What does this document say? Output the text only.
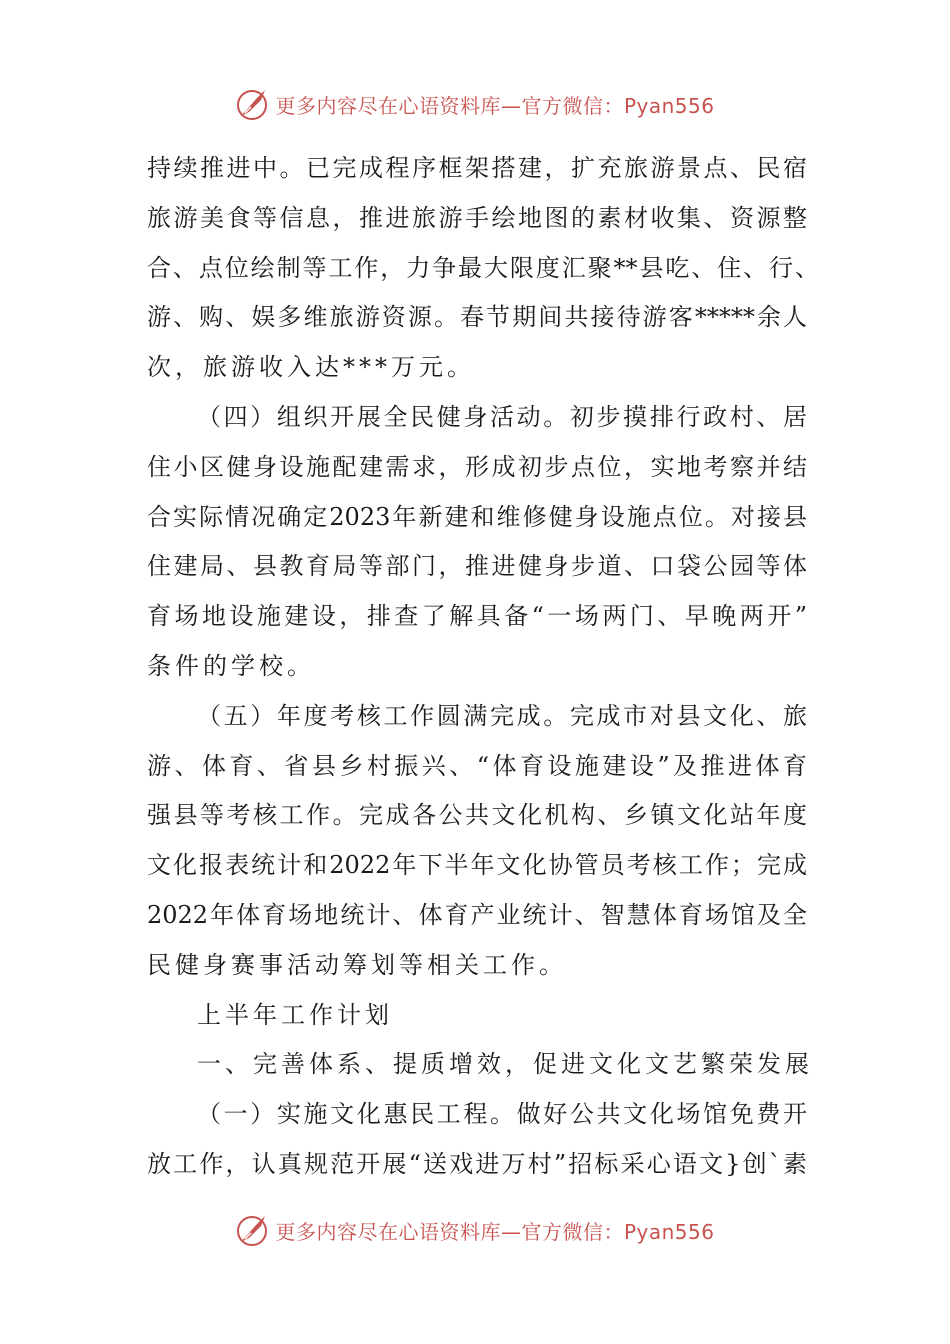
更多内容尽在心语资料库—官方微信：Pyan556
持续推进中。已完成程序框架搭建，扩充旅游景点、民宿
旅游美食等信息，推进旅游手绘地图的素材收集、资源整
合、点位绘制等工作，力争最大限度汇聚**县吃、住、行、
游、购、娱多维旅游资源。春节期间共接待游客*****余人
次，旅游收入达***万元。
（四）组织开展全民健身活动。初步摸排行政村、居
住小区健身设施配建需求，形成初步点位，实地考察并结
合实际情况确定2023年新建和维修健身设施点位。对接县
住建局、县教育局等部门，推进健身步道、口袋公园等体
育场地设施建设，排查了解具备“一场两门、早晚两开”
条件的学校。
（五）年度考核工作圆满完成。完成市对县文化、旅
游、体育、省县乡村振兴、“体育设施建设”及推进体育
强县等考核工作。完成各公共文化机构、乡镇文化站年度
文化报表统计和2022年下半年文化协管员考核工作；完成
2022年体育场地统计、体育产业统计、智慧体育场馆及全
民健身赛事活动筹划等相关工作。
上半年工作计划
一、完善体系、提质增效，促进文化文艺繁荣发展
（一）实施文化惠民工程。做好公共文化场馆免费开
放工作，认真规范开展“送戏进万村”招标采心语文}创`素
更多内容尽在心语资料库—官方微信：Pyan556
